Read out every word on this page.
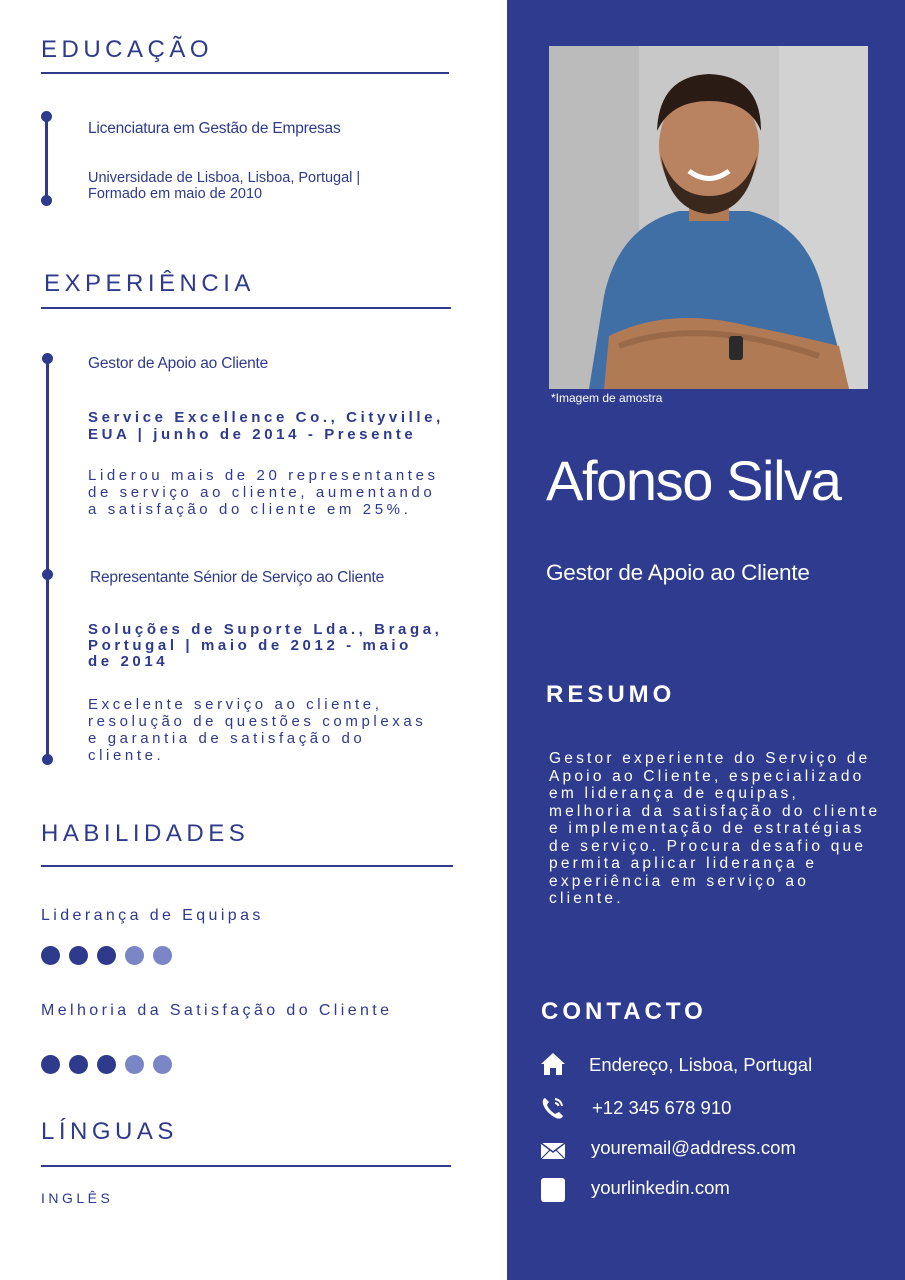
EDUCAÇÃO
Licenciatura em Gestão de Empresas
Universidade de Lisboa, Lisboa, Portugal |
Formado em maio de 2010
EXPERIÊNCIA
Gestor de Apoio ao Cliente
Service Excellence Co., Cityville,
EUA | junho de 2014 - Presente
Liderou mais de 20 representantes
de serviço ao cliente, aumentando
a satisfação do cliente em 25%.
Representante Sénior de Serviço ao Cliente
Soluções de Suporte Lda., Braga,
Portugal | maio de 2012 - maio
de 2014
Excelente serviço ao cliente,
resolução de questões complexas
e garantia de satisfação do
cliente.
HABILIDADES
Liderança de Equipas
Melhoria da Satisfação do Cliente
LÍNGUAS
INGLÊS
*Imagem de amostra
Afonso Silva
Gestor de Apoio ao Cliente
RESUMO
Gestor experiente do Serviço de Apoio ao Cliente, especializado em liderança de equipas, melhoria da satisfação do cliente e implementação de estratégias de serviço. Procura desafio que permita aplicar liderança e experiência em serviço ao cliente.
CONTACTO
Endereço, Lisboa, Portugal
+12 345 678 910
youremail@address.com
yourlinkedin.com
